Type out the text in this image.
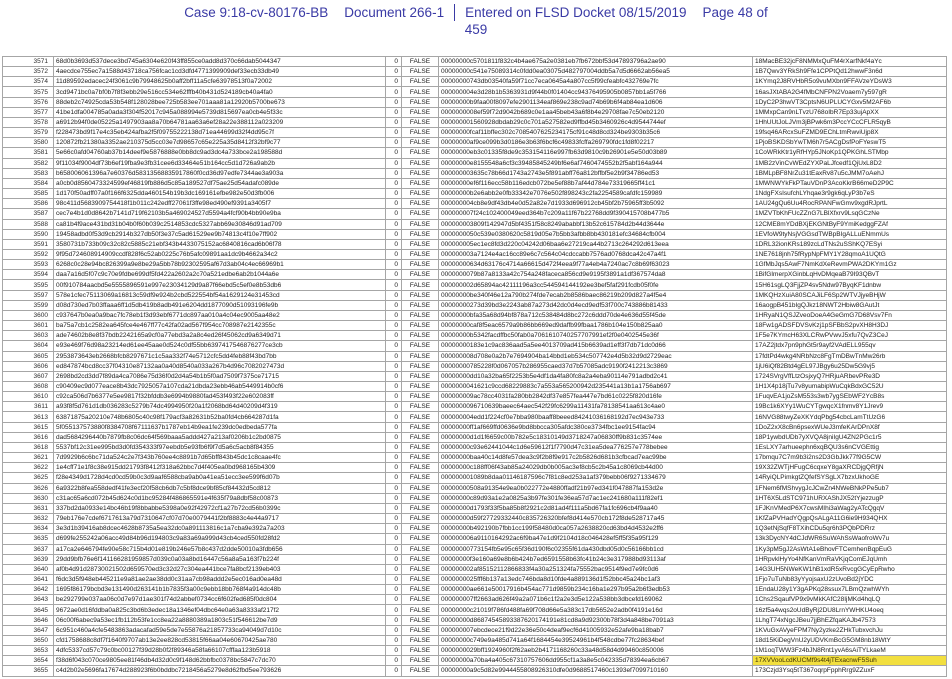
Case 9:18-cv-80176-BB Document 266-1 Entered on FLSD Docket 08/15/2019 Page 48 of
459
3571	68d0b3693d537dece3bd745a6304e620f43ff855ce0add8d370c66dab5044347	0	FALSE	00000000c5701811f832c4b4ae675a2e0381eb7fb672bbf53d47893796a2ae90	18MacBE32jcF8NMMxQuFM4rXarfNkf4aYc
3572	4aecdce755ec7a1588d43718ca756fcac1cd3dfd4771399909def33ecb33db49	0	FALSE	00000000c541e75089314c0fdd0ea03075d482797004ddb5a7d5d6662ab56ea5	1B7Qwv3YRkSh9Ffe1CPPtQd12hwwF3n6d
3574	11d89592edacec24f3061c9b79948625b0aff2bff11a5cfe63978513f0a72002	0	FALSE	00000000743db03540fa59f71cc7eca0645a4a807cc5f99cfeabfc432769e7fc	1KYmq2J8RVHbR5o9vuMXbn9FFAVzeYDsW3
3575	3cd9471bc0a7bf0b7f8f3ebb29e516cc534e62fffb40b431d524189cb40a4fa0	0	FALSE	000000004e3d28b1b5363931d9f44b0f01404cc94376495905b0857bb1a5f766	16asJXtABA2G4fMbCNFPN2Voaem7y597gR
3576	88deb2c74925cda53b548f128028bee725b583ee701aaa81a12920b5700be673	0	FALSE	00000000b9faa00f8097efe2901134eaf869e238c9ad74b69b6f4ab84ea1d606	1DyC2P3hwVT3CptsN6UPLUCYGxv5M2AF6b
3577	41be1dfa004785a0ada3f304f52017c945a088994e5739d815697ea0cb4e5f33c	0	FALSE	0000000008ef59f72d9042b689c0e1aa45beb43a6f8b4e29708fae7c50eb2120	1MMxpCan9nLTvzU768oIbR7Ep33ujApXX
3578	a6912b94f0de05225a1497903aa8a70b64781aa63a6ef28a22e388112a023209	0	FALSE	000000001560928dbdab29c0c701a527582ed9ffbd45b3460926c4d9544744ef	1HhUUtJoLJVm3jBPwk6m3PccYCcCFLR5qyB
3579	f228473bd9f17e4c35eb424afba2f5f09755222138d71ea44699d32f4dd95c7f	0	FALSE	00000000fcaf11bffec302c7085407625234175cf91c48d8cd324be9303b35c6	19fsq46ARcxSuFZMD9EChLtmRwviUjp8X
3580	120872fb21380a3352ae210375d5cc03e7d98657c65e225a35d8412f32bf9c77	0	FALSE	00000000af9ce099b3d0186e3b63f6bcf6c49833fcffa269790fdc1fd8f02217	1PjoBSKDSbYwTM6h7r5ACgDsfPoFYeswT5
3581	5e66c0afd04760ab37b14deef9e5876888e0bb8dc9ad3dc4a733bce2a198588d	0	FALSE	00000000eb3c01335f8de9c353154116e997fb63d9810c9b26901e5e50d03b89	1CoWRkKtr1yRfHYp5JNoKp1QPKGhLSTMbp
3582	9f11034f9004df73b6ef19fba9e3fb31cee6d33464e51b164cc5d1d726a9ab2b	0	FALSE	00000000e8155548a6cf3c39485845249bf6e6af7460474552b2f5abf164a944	1MB2zVinCvWEdZYXPaLJfcedf1QjUxL8D2
3583	b658006061396a7e60376d58313568835917860f0cd36d97edfe7344ae3a903a	0	FALSE	000000003635c78b66d1743a2743e5f891abff76a812bffbf5e2b9f34786ed53	1BMLpBF8NrZu31tEaxRv87u5cJMM7oAehJ
3584	a0cb0d8560473324599ef46819fb886d5c85a189527df75ae25d54adafc089de	0	FALSE	00000000ef6f116ecc58b116edcb072be5ef88b7af44d784e73319665ff41c1	1MWNWYkFkPTauVDnP3AcoKkrB66meD2P9C
3585	1d170f50adff07a0f166f6325dda460154b19b3dc169161efbe982e50d3fb006	0	FALSE	00000000b2e6abb2e0fb33342e7076e502f898243c2fa2254589cafdfc159989	1NdgFXsIsufchLYhqae3r9gk6qLyP3b7eS
3586	98c411d5683909754418f1b011c242edff27061f3ffe98ed490ef9391a3405f7	0	FALSE	000000004cb8e9df43db4e0d52a82e7d1933d696912cb45bf2b75965ff3b5092	1AU24gQu6Uu4RocRPANFwGmv9xgdRJprtL
3587	cec7e4b1d0d8642b7141d719f62103b5a469024527d5594a4fcf90b4bb90e9ba	0	FALSE	000000007f24c102400049eed364b7c209a11f67b22768dd9f390415708b477b5	1MZVTbKhFUcZZnG7LBlXfxrv9LsqGCzNe
3588	ca81b4f9ace431bd31b04b0f60b039c2514853cdc5327abb69e30846d91ad709	0	FALSE	000000003809f142947d5bf4351f58c8249ababbf13b52c615784d2b44d3644e	12CME8mYDdBXjEKGNtByF9YmiKedggFZAf
3590	19458adbd0f53d9cb2914b327db50f3e37c5ad61529ee9b74813c4f10e7ff902	0	FALSE	0000000050c539e0380620c5819d05e7b5bb3afbb8bb430181efc34684cfb004	1EVfoW9tyNsjVGGsdTWBpBIgALLuENmmUs
3591	3580731b733b09c32c82c5885c21ebf343b4433075152ac6840816cad6b06f78	0	FALSE	000000005ec1ec8fd3d220c04242d06baa6e27219ca44b2713c264292d613eea	1DRL32ionKRs189zcLdTNs2uSShKQ7ESyi
3592	9f95d724608914909ccdf828f6c52ab0225c76b5afc09891aa1dc9b4662a34c2	0	FALSE	000000003a7124e4ac16cc89e6c7c564c04cdccabb7576ad0768dca42c47a4f1	1NE7618jnh75fRypNpFMY1Y28qmoA1UQtG
3593	6268c0c28e94bc826399a9e8be29a5bb78b92302595af67d3ab04c4ec66969b1	0	FALSE	00000000634d63176c4714a66615d472f4eea9f77a4eb4a7240ac7c8b69f63023	1GfMbJqs5AwF7NmKdXeRevmPWA2DKYm1Gz
3594	daa7a16d5f07c9c70e9fdbe699df5fd422a2602a2c70a521edbe6ab2b1044a6e	0	FALSE	0000000079b87a8133a42c754a248faceca856cd9e9195f3891a1df367574da8	1BifGImerpXGinbLqHvDMqeaB79I93QBvT
3595	00f910784aacbd5e5555896591e997e23034129d9a87f66ebd5c5ef0e8b53db6	0	FALSE	000000002d65894ac42111196a3cc544594144192ee3bef5faf291fcdb05f0fe	15H61sgLQ3FjjZP4sv5Ndw97ByqKF1dnbw
3597	578e1cfec75113069a16813c59df9e924b2cbd522554bf54a1629124e31453cd	0	FALSE	00000000be340f46e12a790b274fde7ecab2b8586baec86219b209d827a4f5e4	1MKQHzXuiA80SCAJiLF6Sp2WTVJjyeBHjW
3599	d08d730ed7b03ffaaa6ff1d5db419b8adb491e6204dd1877090d51093196fe9b	0	FALSE	00000000273d39bd3e2243ab87a273d42dc0d4ecd9edf53f700c743886b81433	16aogpB451bIgQJkz18NWT2Hbiw8GAutJt
3600	c937647b0ea0a9bac7fc78eb1f3d93ebf6771dc897aa010a4c04ec9005aa48e2	0	FALSE	00000000bfa35a68d94bf878a712c538484d8bc272c6ddd70de4e636d55f45de	1HRyaN1QSJZveoDoeA4GeGmG7D68Vsv7Fn
3601	ba75a7cb1c2582ea645fce4e467ff77c42fa02ad567f954cc708987e2142355c	0	FALSE	00000000caf8f5eac6579a9b86bb669ed9daffb99fbaa1786b104e150b825aa0	18Fw1gADSFDVSvKzj1pSFBbS2pvXH8H3DJ
3603	ade74602b8e8f37bdb2242165a9cf0a77ebd3a2a8c4ed26f45062cd9a6349d71	0	FALSE	00000000b5342facdffbc50fab0a7061610740257707991ef2f0e0402545e36f	1F5e7KYmcH63XLCRwPVwvJ5xfu7QvZ3CeJ
3604	e93e469f76d98a23214ed61ee45aae0d524c0df55bb6397417546876277ce3cb	0	FALSE	00000000183e1c9ac836aad5a5ee4013709ad415b6639ad1eff3f7db71dc0d66	17AZ2jtdx7pn9phGt5r9ayf2VAdELL955qv
3605	2953873643eb2668bfcb8297671c1c5aa332f74e5712cfc5dd4feb88f43bd7bb	0	FALSE	000000008d708e0a2b7e7694904ba14bbd1eb534c507742e4d5b32d9d2729eac	17fdtPd4wkg4NRbNzc8FgTmDBwTnMw26rb
3606	ed847874bcd8cc37f04310e87132aa0a40d8540a033a267b4d96c7082027473d	0	FALSE	00000000785228f0d067057b286955caed37d7b57085adc9190f2412213c3869	1jU6iQf82Btd4gEL97JBgy6u25Dw5G9vj5
3607	2698bd2cd3dd7f89da4ca7086e75d36f0d2d4a54b1b5f0ad7509f7375ce71715	0	FALSE	00000000dd10a32ba65f2253b5e4df1da4fa80fc8a2a4eba90114e791adbd2c41	1724SVrgVffLtzOsjxyQ7HRjuARbevPRe3D
3608	c90409ec9d077eace8b43dc7925057a107cda21dbda23ebb46ab5449914b0cf6	0	FALSE	0000000041621c9ccd68229883c7a553a565200942d235441a13b1a1756ab697	1H1X4p18jTu7v8yumabipWuCqkBdxGC52U
3610	c92ca506d7b6377e5ee9817f32bfddb3e6994b9880fad453f493f22e602083ff	0	FALSE	000000009ac78cc4031fa280bb2842df37e857fea447e7bd61c0225f820d16fe	1FuqvEA1joZsM553s3wb7ygSEbWF2YcB8s
3611	a93f8f5d761d1db036283c5279b74dc4994950f20a1f2068bd64d40209d4f319	0	FALSE	0000000096710639baeec64aec542f29fc6299a11431fa78138541aa613c4ae0	19Bc1k6XYy1WuCYTgwqcX1fnmv8Y1Jrev9
3613	63871875a20210e748b6805c40c98f179acf3a82631b52ba0fd4cb664287d1fa	0	FALSE	000000004edd1f224cf0e7bba980baaff8beeed84241036168192d7ec943e733	16NVG88twyZeXKYdqPbg54cbcLamTtUzG6
3615	5f055137573880f8384708f67111637b1787eb14b9ea1fe239dc0edbeda577fa	0	FALSE	00000000ff1af669ffd0636e9bd8bbcca305afdc380ce3734fbc1ee9154fac94	1DoZ2xX8cBn6psexWUeJ3mfeKArDPnX8f
3616	dad5684296440b7879fb8c06dc64f569baaa5addd427a213af0206b1c2bd0875	0	FALSE	00000000d1d1f6659c00b782e5c18310149d3718247a06830ff9b831c3574ee	18P1ywbdUDb7yXVQA8jniIgU4ZN2PGc1r5
3618	5537bf12c31ee995bd3d0fd354333f97eebdb5e93fb6f9f7d5a6c5acb8f84355	0	FALSE	00000000c93e62441044c1d6e59612f1f7790d47c31ea5dea776257e778bebee	1EsLXY7arhueephn6xqBQU3s6nCVGEttig
3621	7d9929b6c6bc71da524c2e7f343b760ee4c8891b7d65bff843b45dc1c8caae4fc	0	FALSE	00000000baa40c14d8fe57dea3c9f2b8f9e917c2b5826d681b3cfbcad7eac99be	17bmqu7C7m9b3i2ns2D3GbJkk77f9G5CW
3622	1e4cff71e1f8c38e915dd21793f8412f318a62bbc7d4f405ea0bd968165b4309	0	FALSE	00000000c188ff06f43ab85a24029db0b005ac3ef8cb5c2b45a1c8069cb44d00	19X32ZWTjHFugC6cqxeY8gaXRCDjgQRfjN
3625	f28e4349d1728d4cd0cd59b0c3d9aaf6588cba9ab0a41ea51ecc3ee599f6d07b	0	FALSE	000000001089b8daa01146187596c7f81c8ed253a1af379bebb06f9271334679	14RyiQLPimkgtZQfefSYSgLX7bzxUkhoGE
3626	6a9322b8fea558dedf41fe3ecf20f58cb6db7c5bf8dce9bf85cf84432d5cd812	0	FALSE	00000000508a91354e9ea0b022772e4880ffadf21b97ed341f047887fa153d2e	1FNem6fMShvygJcJCwZn4NWeBNkPPe5ub7
3630	c31ac65a6cd072b45d624c0d1bc95284f486865591e4f635f79a8dbf58c00873	0	FALSE	00000000c89d93a1e2a0825a3b97fe301fe36ea57d7ac1ec241680a111f82ef1	1HT6X5LdSTC971hURXAShJX52tYjezzugP
3631	337bd2da0933e14bc46b19f8bbabbe5398a0e92f42972cf1a27b72cd56b0399c	0	FALSE	00000000d1793f33f5ba85b8f2921c2d81ad4f111a5bd67fa1fc696cb4f9aa40	1FJKnVMedP6X7cwsMIhi3aWag2yATcQgqV
3632	79eb176e7cdef6717613a79d7310647cf07d70e0079441f2bf8883c4e44a9717	0	FALSE	00000000d59f27729332440c835726320bfef8d414e570cb172f8de528717a45	1KfZaPVHadYQgpQsALgA11G6ie9H934QHX
3634	3e3d1b39416ab8dcec4628b8735a5ea32dc0a891113816c1a7cba9e392a7a203	0	FALSE	00000000b492190b7fbb1cc199f58480d0ca057a2638820cd63bd4d4532e2ff6	1Q3etNjSqfF8TXihCDu5qr6h3PQbPDRrz
3635	d699fe255242a06acc49d84b96d194803c9a83a69a999d43cb4ced550fd28fd2	0	FALSE	000000006a9110164292ac6f9ba47e1d9f2104d18c046428ef5ff5f35a95f129	13k3DycNY4dCJdWR6SuWAhSsWaofroWv7u
3637	a17ca2e646794fe90e58c715b4d01e819b246e57b8c437d2dde50010a3fdb656	0	FALSE	00000000773154fb5e95c65f36d190f6c02355f61da430dbd05d0c56166bb1cd	1Ky3pM5gJ2AsWtA1eBhovFTCemhenBqpEuG
3639	29dd9bfb76e6f141166281959857d039c0a03a8bd16447c56a8a5a163f7b224f	0	FALSE	00000000f3e160a69e8b6b424b7ed6591558b63fc41b24c3e317988bd93113af	1HRpvklHyYo4NfKanVmRaVKjqComEJqUmh
3640	af0b4d91d28730021502d659570ed3c32d27c304ea441bce7fa8bcf2139eb403	0	FALSE	000000002af85152112866833f4a30a251324fa75552bac9514f9ed7e9fc0d6	14G3UH5NWeKW1hB1xdR5xRvcgGCyEpRwho
3641	f6dc3d5f948eb445211e9a81ae2ae38dd0c31aa7cb98addd2e5ec016ad0ea48d	0	FALSE	0000000025fff6b137a13edc746bda8d10fde4a889136d1f52bbc45a24bc1af3	1Fjo7uTuNb83yYyojsaxU2zUvoBd2jYDC
3642	1695f86179bcbd3e131490d263141b1b7835f3a00c9ebb18bb768f4a914dc48b	0	FALSE	00000000ae661e50017916b454ac771d9859b234c16ba1e297b95a2b6f3edb53	1EndaU28y1Y3gAPKq28ssux7LBmQzwhWYh
3643	be292799e037aa06c0d7e97d1ae301f74d2abbef0734cc6f602fed685f0dc804	0	FALSE	000000007ff2663ad626f49a2a071b6c1f2a2e3d5e122a538bb3dbcefd169062	1Chs2SqaufVP9x9vMkKAfC28IjMKd4hqLQ
3645	9672ae0d16fddba0a825c3bd6b3edec18a1346ef04dbc64e0a63a8333af217f2	0	FALSE	00000000c21019f786fd488fa69f708d66e5a383c17db5652e2adb0f4191e16d	16zf5a4wqs2oUdByRj2DU8LrnYWHKU4oeq
3646	06c00f6abec9a53ec1fb112b53fe1cc8ea22a8880389a1803c51f546612be7d9	0	FALSE	00000000d86874545893387620174191e81cd8a9d92300b78f3d4a848be7091a3	1LhgT74xNgcJBeu7jjBhEZfqaKAJb47573
3647	6c951c460a4cfe5483863adacafad59e5de7e55876a21857733ca94049d7d10c	0	FALSE	000000007ebcdece21f9d22e36e50c4deaf9ecf6d41005932e52afe9ba18bab7	1KVuGxAVyeFPM7Ny2yzke2ZHkTubxvchJu
3650	cfd1758688c8df7f1640f9707ab13e2ee828cd53815f66aa04e60670425ae780	0	FALSE	00000000c749e9a485d741a64f1684454e39524961b4f548cdbe77fc28634bef	18d15KiDegVnU2yUDVKmBcG5GM8nb18WtY
3653	4dfc5337cd57c79c0bc00127f39d28b0f2f89346a58fa66107cfffaa123b5918	0	FALSE	0000000029bff1924960f2f62aeb2b4171168260c33a48d58d4d99460c850006	1M1oqTWW3Fz4bJN8Rnt1yvA6sAiTYLkaeM
3654	f38d6f043c070ce9805ee81f46db4d32d0c9f148d62bbfbc0378bc5847c7dc70	0	FALSE	00000000a70ba4a405c67310757606dd955cf1a3a8e5c042335d78394ea6cb67	17XVVooLcdKUCMf9s4t4jTExacnwF5Suh
3655	c4d2b02e5696fa17674d288923f6b0bddbc7218456a5279e8d62fbd5ee793626	0	FALSE	00000000a9c5d82e9944455808926310dfe0d9688517460c1393ef7099710160	173Czjd3Ysq5tT367oqrpFpphRrg9ZZuxF
